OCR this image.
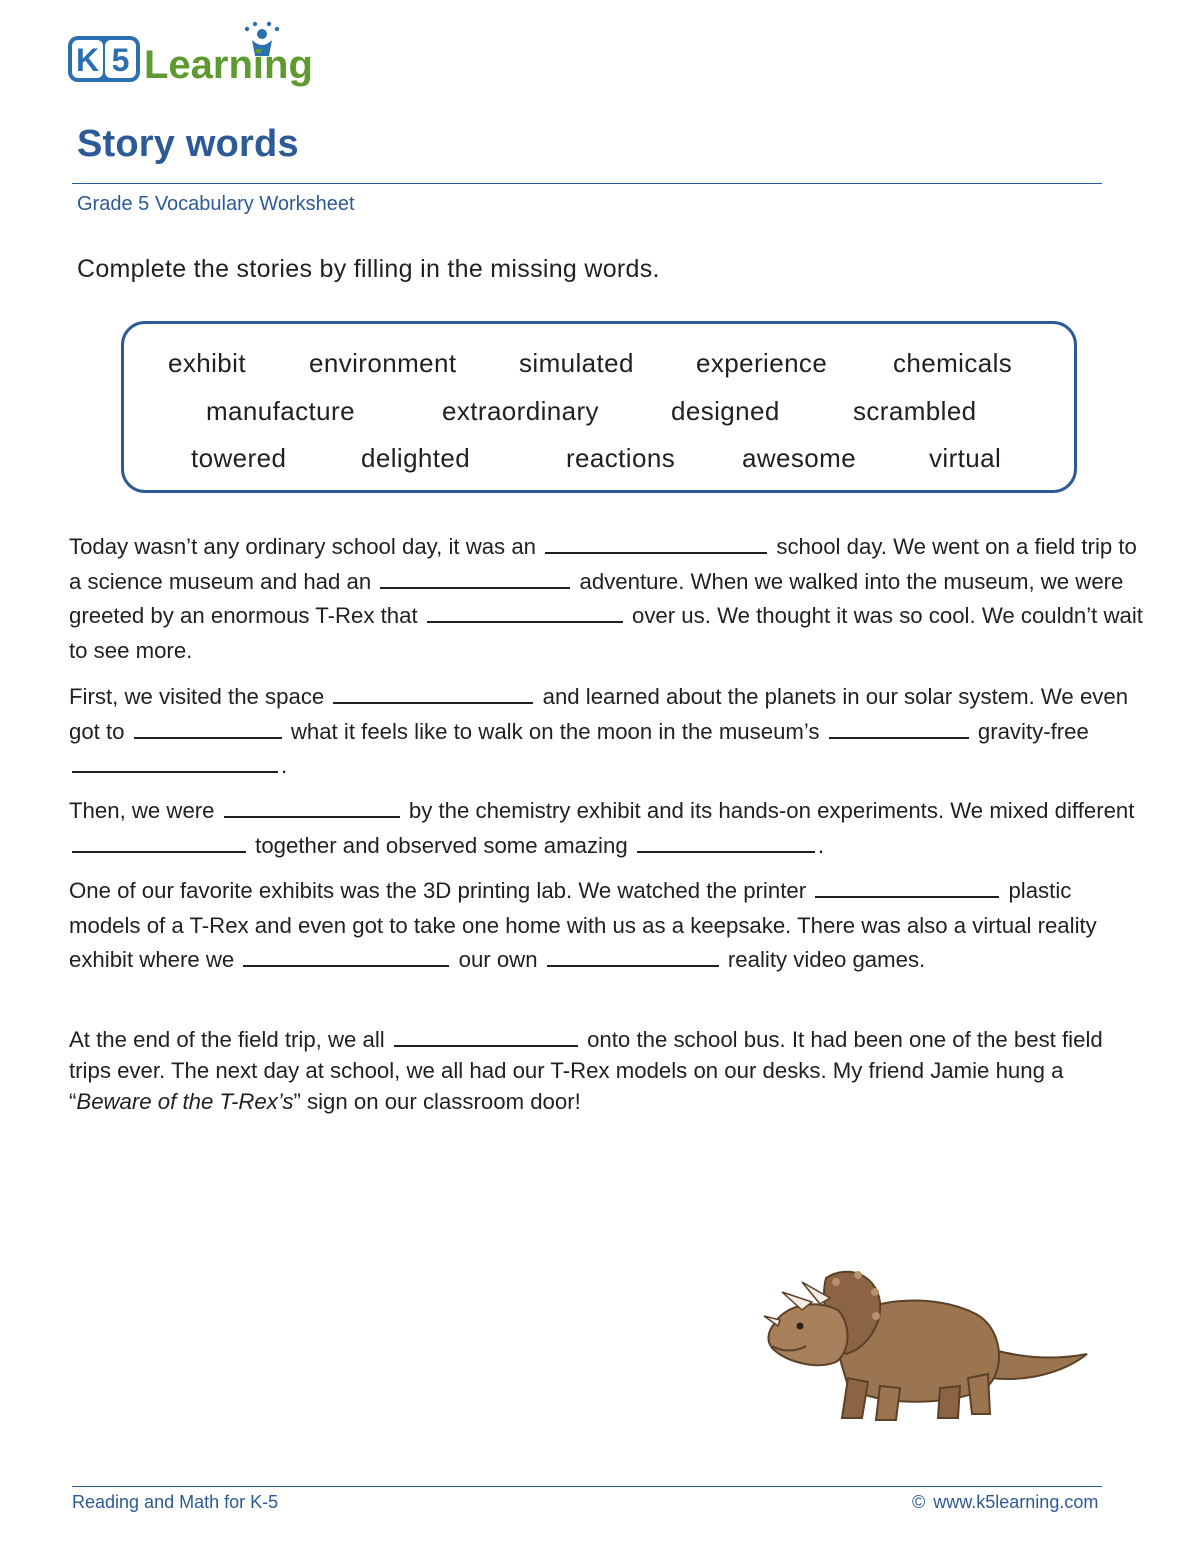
K 5 Learning
Story words
Grade 5 Vocabulary Worksheet
Complete the stories by filling in the missing words.
exhibit environment simulated experience	chemicals
manufacture	extraordinary	designed	scrambled
towered	delighted	reactions	awesome	virtual

Today wasn’t any ordinary school day, it was an	school day. We went on a field trip to a science museum and had an	adventure. When we walked into the museum, we were greeted by an enormous T-Rex that	over us. We thought it was so cool. We couldn’t wait to see more.

First, we visited the space	and learned about the planets in our solar system. We even got to	what it feels like to walk on the moon in the museum’s	gravity-free .

Then, we were	by the chemistry exhibit and its hands-on experiments. We mixed different  together and observed some amazing	.

One of our favorite exhibits was the 3D printing lab. We watched the printer	plastic models of a T-Rex and even got to take one home with us as a keepsake. There was also a virtual reality exhibit where we	our own	reality video games.

At the end of the field trip, we all	onto the school bus. It had been one of the best field trips ever. The next day at school, we all had our T-Rex models on our desks. My friend Jamie hung a “Beware of the T-Rex’s” sign on our classroom door!

Reading and Math for K-5	© www.k5learning.com
